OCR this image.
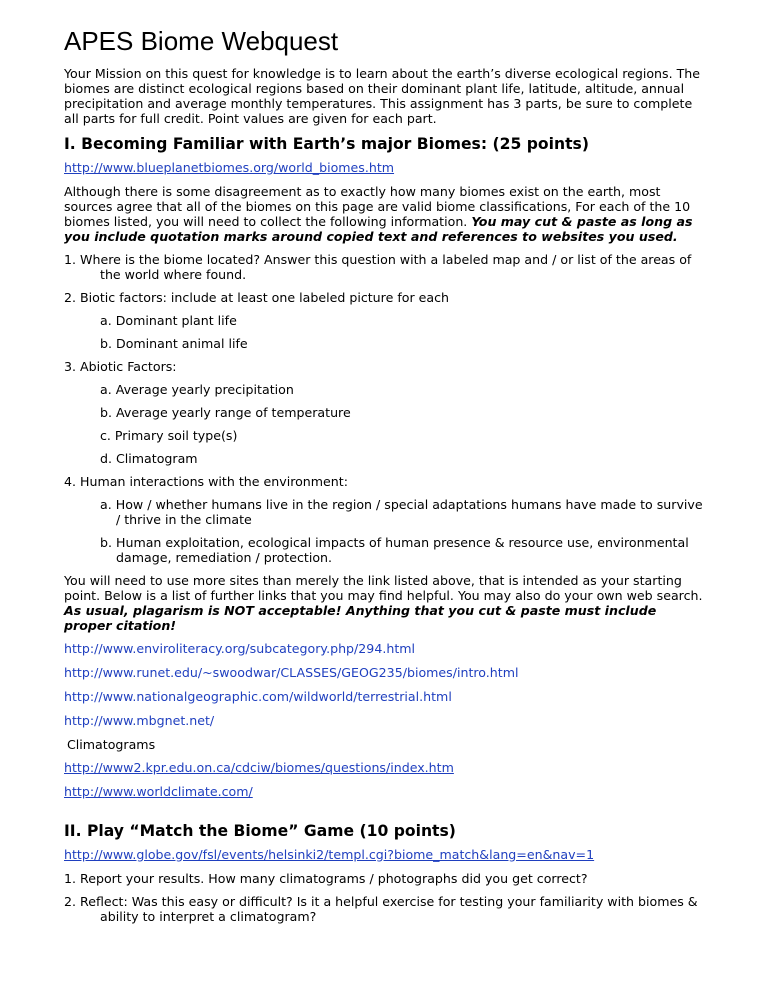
APES Biome Webquest

Your Mission on this quest for knowledge is to learn about the earth’s diverse ecological regions. The biomes are distinct ecological regions based on their dominant plant life, latitude, altitude, annual precipitation and average monthly temperatures. This assignment has 3 parts, be sure to complete all parts for full credit. Point values are given for each part.

I. Becoming Familiar with Earth’s major Biomes: (25 points)
http://www.blueplanetbiomes.org/world_biomes.htm

Although there is some disagreement as to exactly how many biomes exist on the earth, most sources agree that all of the biomes on this page are valid biome classifications, For each of the 10 biomes listed, you will need to collect the following information. You may cut & paste as long as you include quotation marks around copied text and references to websites you used.

1. Where is the biome located? Answer this question with a labeled map and / or list of the areas of the world where found.
2. Biotic factors: include at least one labeled picture for each
a. Dominant plant life
b. Dominant animal life
3. Abiotic Factors:
a. Average yearly precipitation
b. Average yearly range of temperature
c. Primary soil type(s)
d. Climatogram
4. Human interactions with the environment:
a. How / whether humans live in the region / special adaptations humans have made to survive / thrive in the climate
b. Human exploitation, ecological impacts of human presence & resource use, environmental damage, remediation / protection.

You will need to use more sites than merely the link listed above, that is intended as your starting point. Below is a list of further links that you may find helpful. You may also do your own web search. As usual, plagarism is NOT acceptable! Anything that you cut & paste must include proper citation!

http://www.enviroliteracy.org/subcategory.php/294.html
http://www.runet.edu/~swoodwar/CLASSES/GEOG235/biomes/intro.html
http://www.nationalgeographic.com/wildworld/terrestrial.html
http://www.mbgnet.net/
Climatograms
http://www2.kpr.edu.on.ca/cdciw/biomes/questions/index.htm
http://www.worldclimate.com/
II. Play “Match the Biome” Game (10 points)
http://www.globe.gov/fsl/events/helsinki2/templ.cgi?biome_match&lang=en&nav=1
1. Report your results. How many climatograms / photographs did you get correct?
2. Reflect: Was this easy or difficult? Is it a helpful exercise for testing your familiarity with biomes & ability to interpret a climatogram?
